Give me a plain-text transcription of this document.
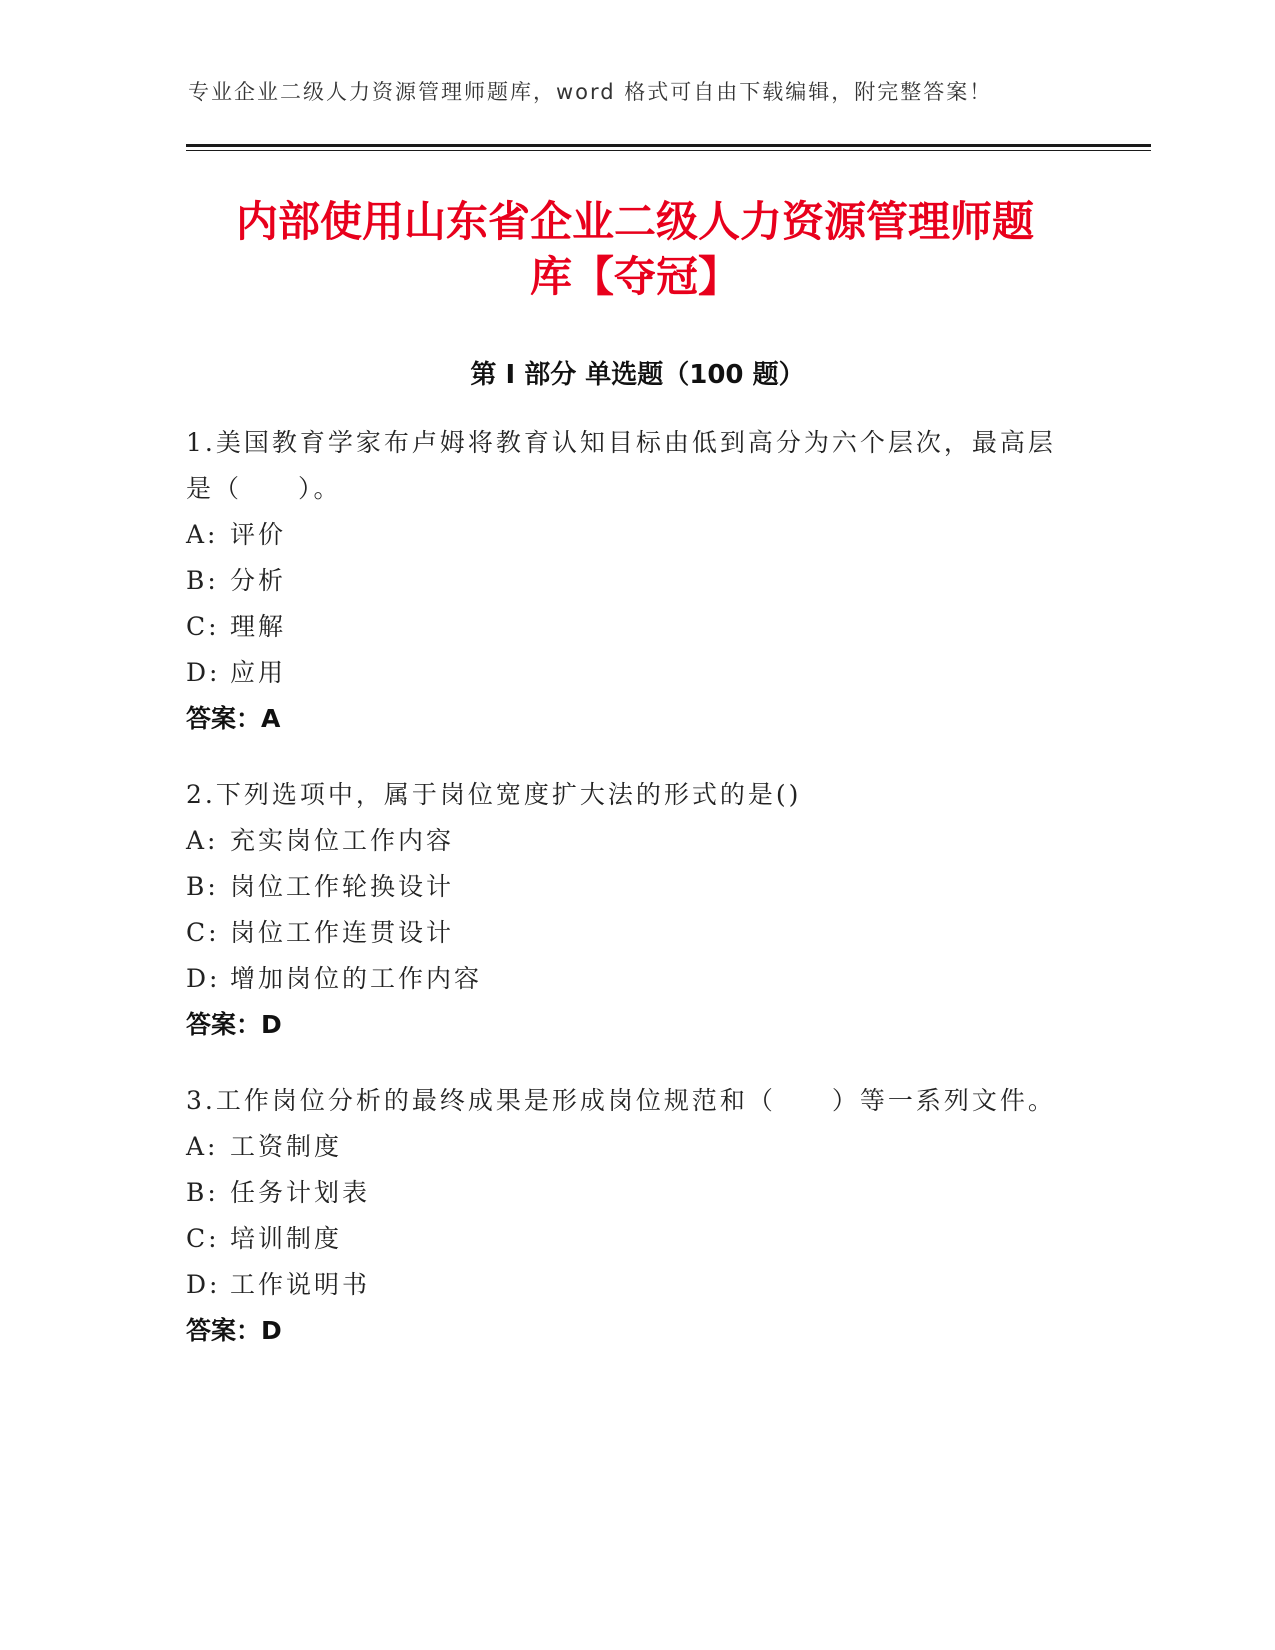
专业企业二级人力资源管理师题库，word 格式可自由下载编辑，附完整答案！
内部使用山东省企业二级人力资源管理师题
库【夺冠】
第 I 部分 单选题（100 题）
1.美国教育学家布卢姆将教育认知目标由低到高分为六个层次，最高层是（　　）。
A: 评价
B: 分析
C: 理解
D: 应用
答案：A
2.下列选项中，属于岗位宽度扩大法的形式的是()
A: 充实岗位工作内容
B: 岗位工作轮换设计
C: 岗位工作连贯设计
D: 增加岗位的工作内容
答案：D
3.工作岗位分析的最终成果是形成岗位规范和（　　）等一系列文件。
A: 工资制度
B: 任务计划表
C: 培训制度
D: 工作说明书
答案：D
